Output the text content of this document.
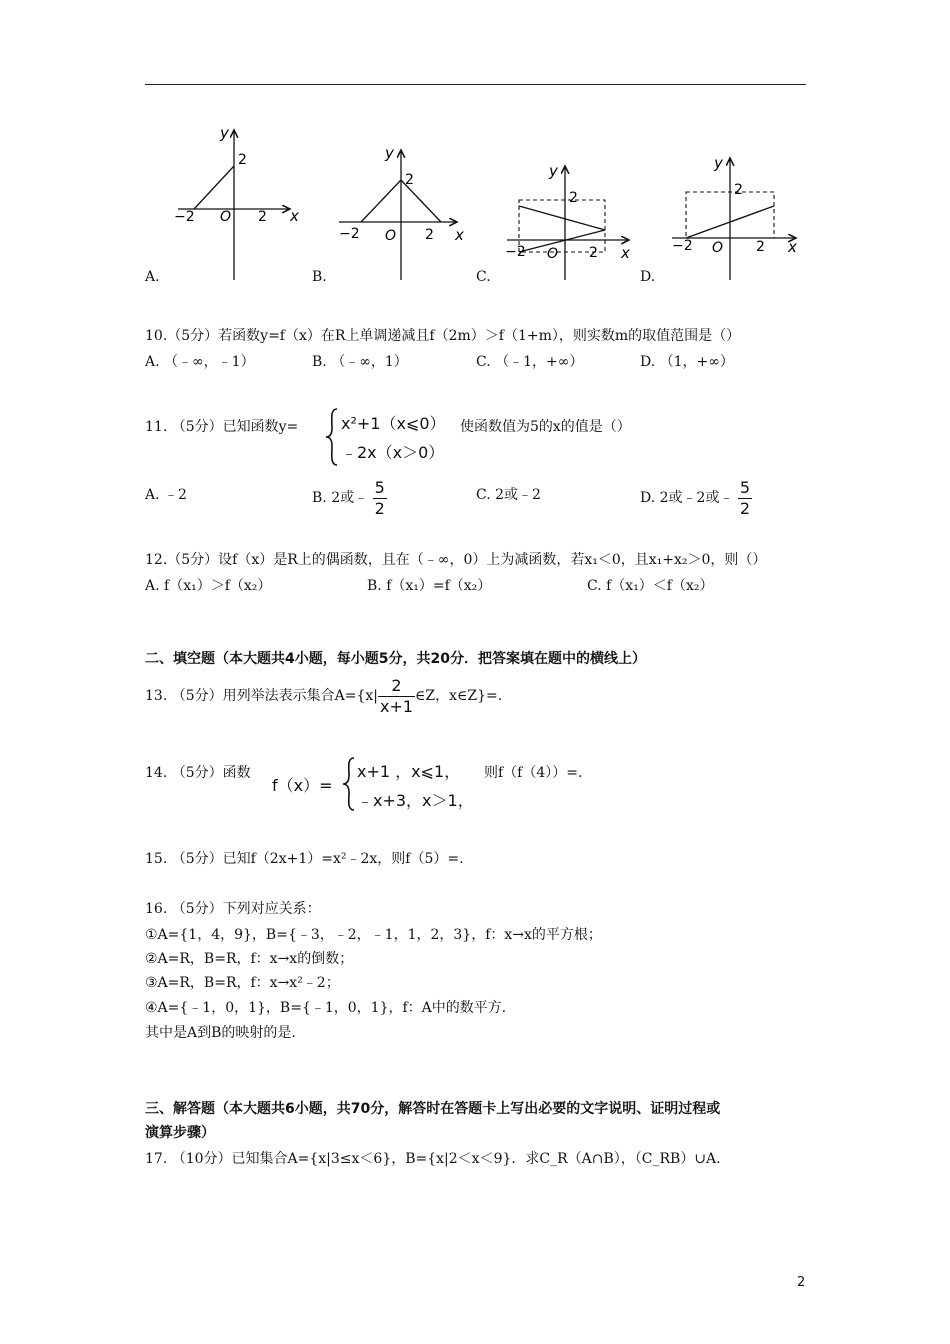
y
2
−2 O 2 x
A.
y
2
−2 O 2 x
B.
y
2
−2 O 2 x
C.
y
2
−2 O 2 x
D.
10.（5分）若函数y=f（x）在R上单调递减且f（2m）＞f（1+m），则实数m的取值范围是（）
A. （﹣∞，﹣1）	B. （﹣∞，1）	C. （﹣1，+∞）	D. （1，+∞）
11. （5分）已知函数y=	x²+1（x⩽0）
﹣2x（x＞0）
使函数值为5的x的值是（）
A. ﹣2	B. 2或﹣ $\frac{5}{2}$	C. 2或﹣2	D. 2或﹣2或﹣ $\frac{5}{2}$
12.（5分）设f（x）是R上的偶函数，且在（﹣∞，0）上为减函数，若x₁＜0，且x₁+x₂＞0，则（）
A. f（x₁）＞f（x₂）	B. f（x₁）=f（x₂）	C. f（x₁）＜f（x₂）
二、填空题（本大题共4小题，每小题5分，共20分．把答案填在题中的横线上）
13. （5分）用列举法表示集合$A=\{x| \frac{2}{x+1}$ ∈Z，x∈Z}=.
14. （5分）函数
f（x）=
x+1 ，x⩽1，
﹣x+3，x＞1，
则f（f（4））=.
15. （5分）已知f（2x+1）=x²﹣2x，则f（5）=.
16. （5分）下列对应关系：
①A={1，4，9}，B={﹣3，﹣2，﹣1，1，2，3}，f：x→x的平方根；
②A=R，B=R，f：x→x的倒数；
③A=R，B=R，f：x→x²﹣2；
④A={﹣1，0，1}，B={﹣1，0，1}，f：A中的数平方．
其中是A到B的映射的是.
三、解答题（本大题共6小题，共70分，解答时在答题卡上写出必要的文字说明、证明过程或
演算步骤）
17. （10分）已知集合A={x|3≤x＜6}，B={x|2＜x＜9}．求C_R（A∩B），（C_RB）∪A.
2
